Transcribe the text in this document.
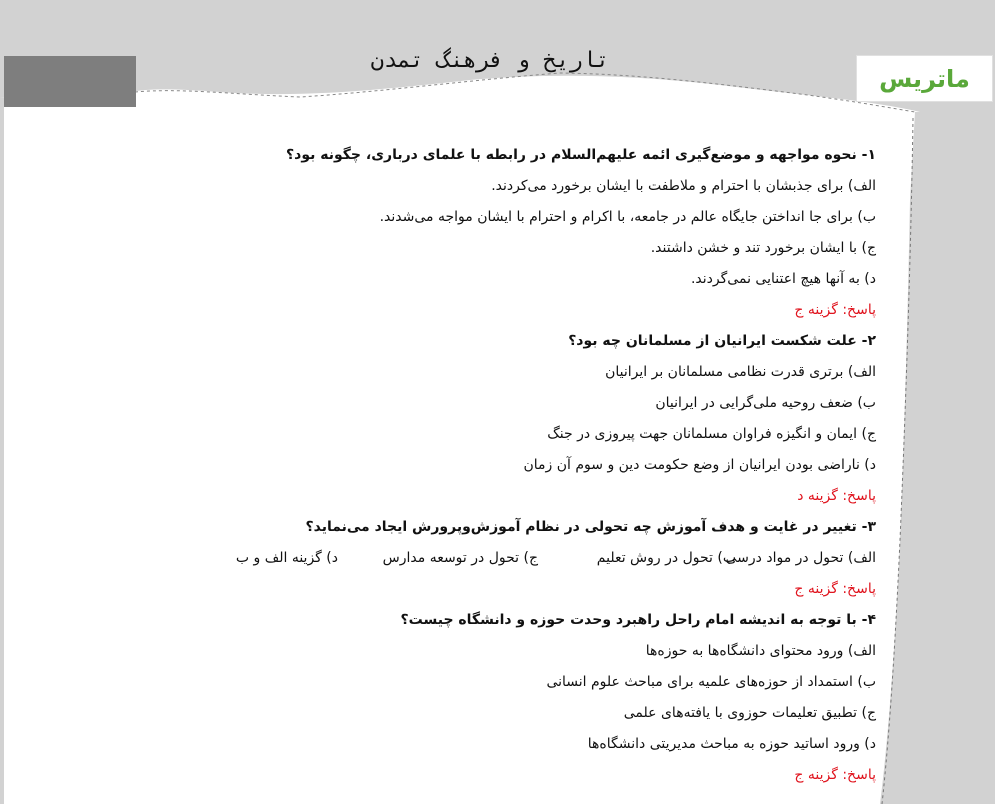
تاریخ و فرهنگ تمدن
ماتریس
۱- نحوه مواجهه و موضع‌گیری ائمه علیهم‌السلام در رابطه با علمای درباری، چگونه بود؟
الف) برای جذبشان با احترام و ملاطفت با ایشان برخورد می‌کردند.
ب) برای جا انداختن جایگاه عالم در جامعه، با اکرام و احترام با ایشان مواجه می‌شدند.
ج) با ایشان برخورد تند و خشن داشتند.
د) به آنها هیچ اعتنایی نمی‌گردند.
پاسخ: گزینه ج
۲- علت شکست ایرانیان از مسلمانان چه بود؟
الف) برتری قدرت نظامی مسلمانان بر ایرانیان
ب) ضعف روحیه ملی‌گرایی در ایرانیان
ج) ایمان و انگیزه فراوان مسلمانان جهت پیروزی در جنگ
د) ناراضی بودن ایرانیان از وضع حکومت دین و سوم آن زمان
پاسخ: گزینه د
۳- تغییر در غایت و هدف آموزش چه تحولی در نظام آموزش‌وپرورش ایجاد می‌نماید؟
الف) تحول در مواد درسی
ب) تحول در روش تعلیم
ج) تحول در توسعه مدارس
د) گزینه الف و ب
پاسخ: گزینه ج
۴- با توجه به اندیشه امام راحل راهبرد وحدت حوزه و دانشگاه چیست؟
الف) ورود محتوای دانشگاه‌ها به حوزه‌ها
ب) استمداد از حوزه‌های علمیه برای مباحث علوم انسانی
ج) تطبیق تعلیمات حوزوی با یافته‌های علمی
د) ورود اساتید حوزه به مباحث مدیریتی دانشگاه‌ها
پاسخ: گزینه ج
